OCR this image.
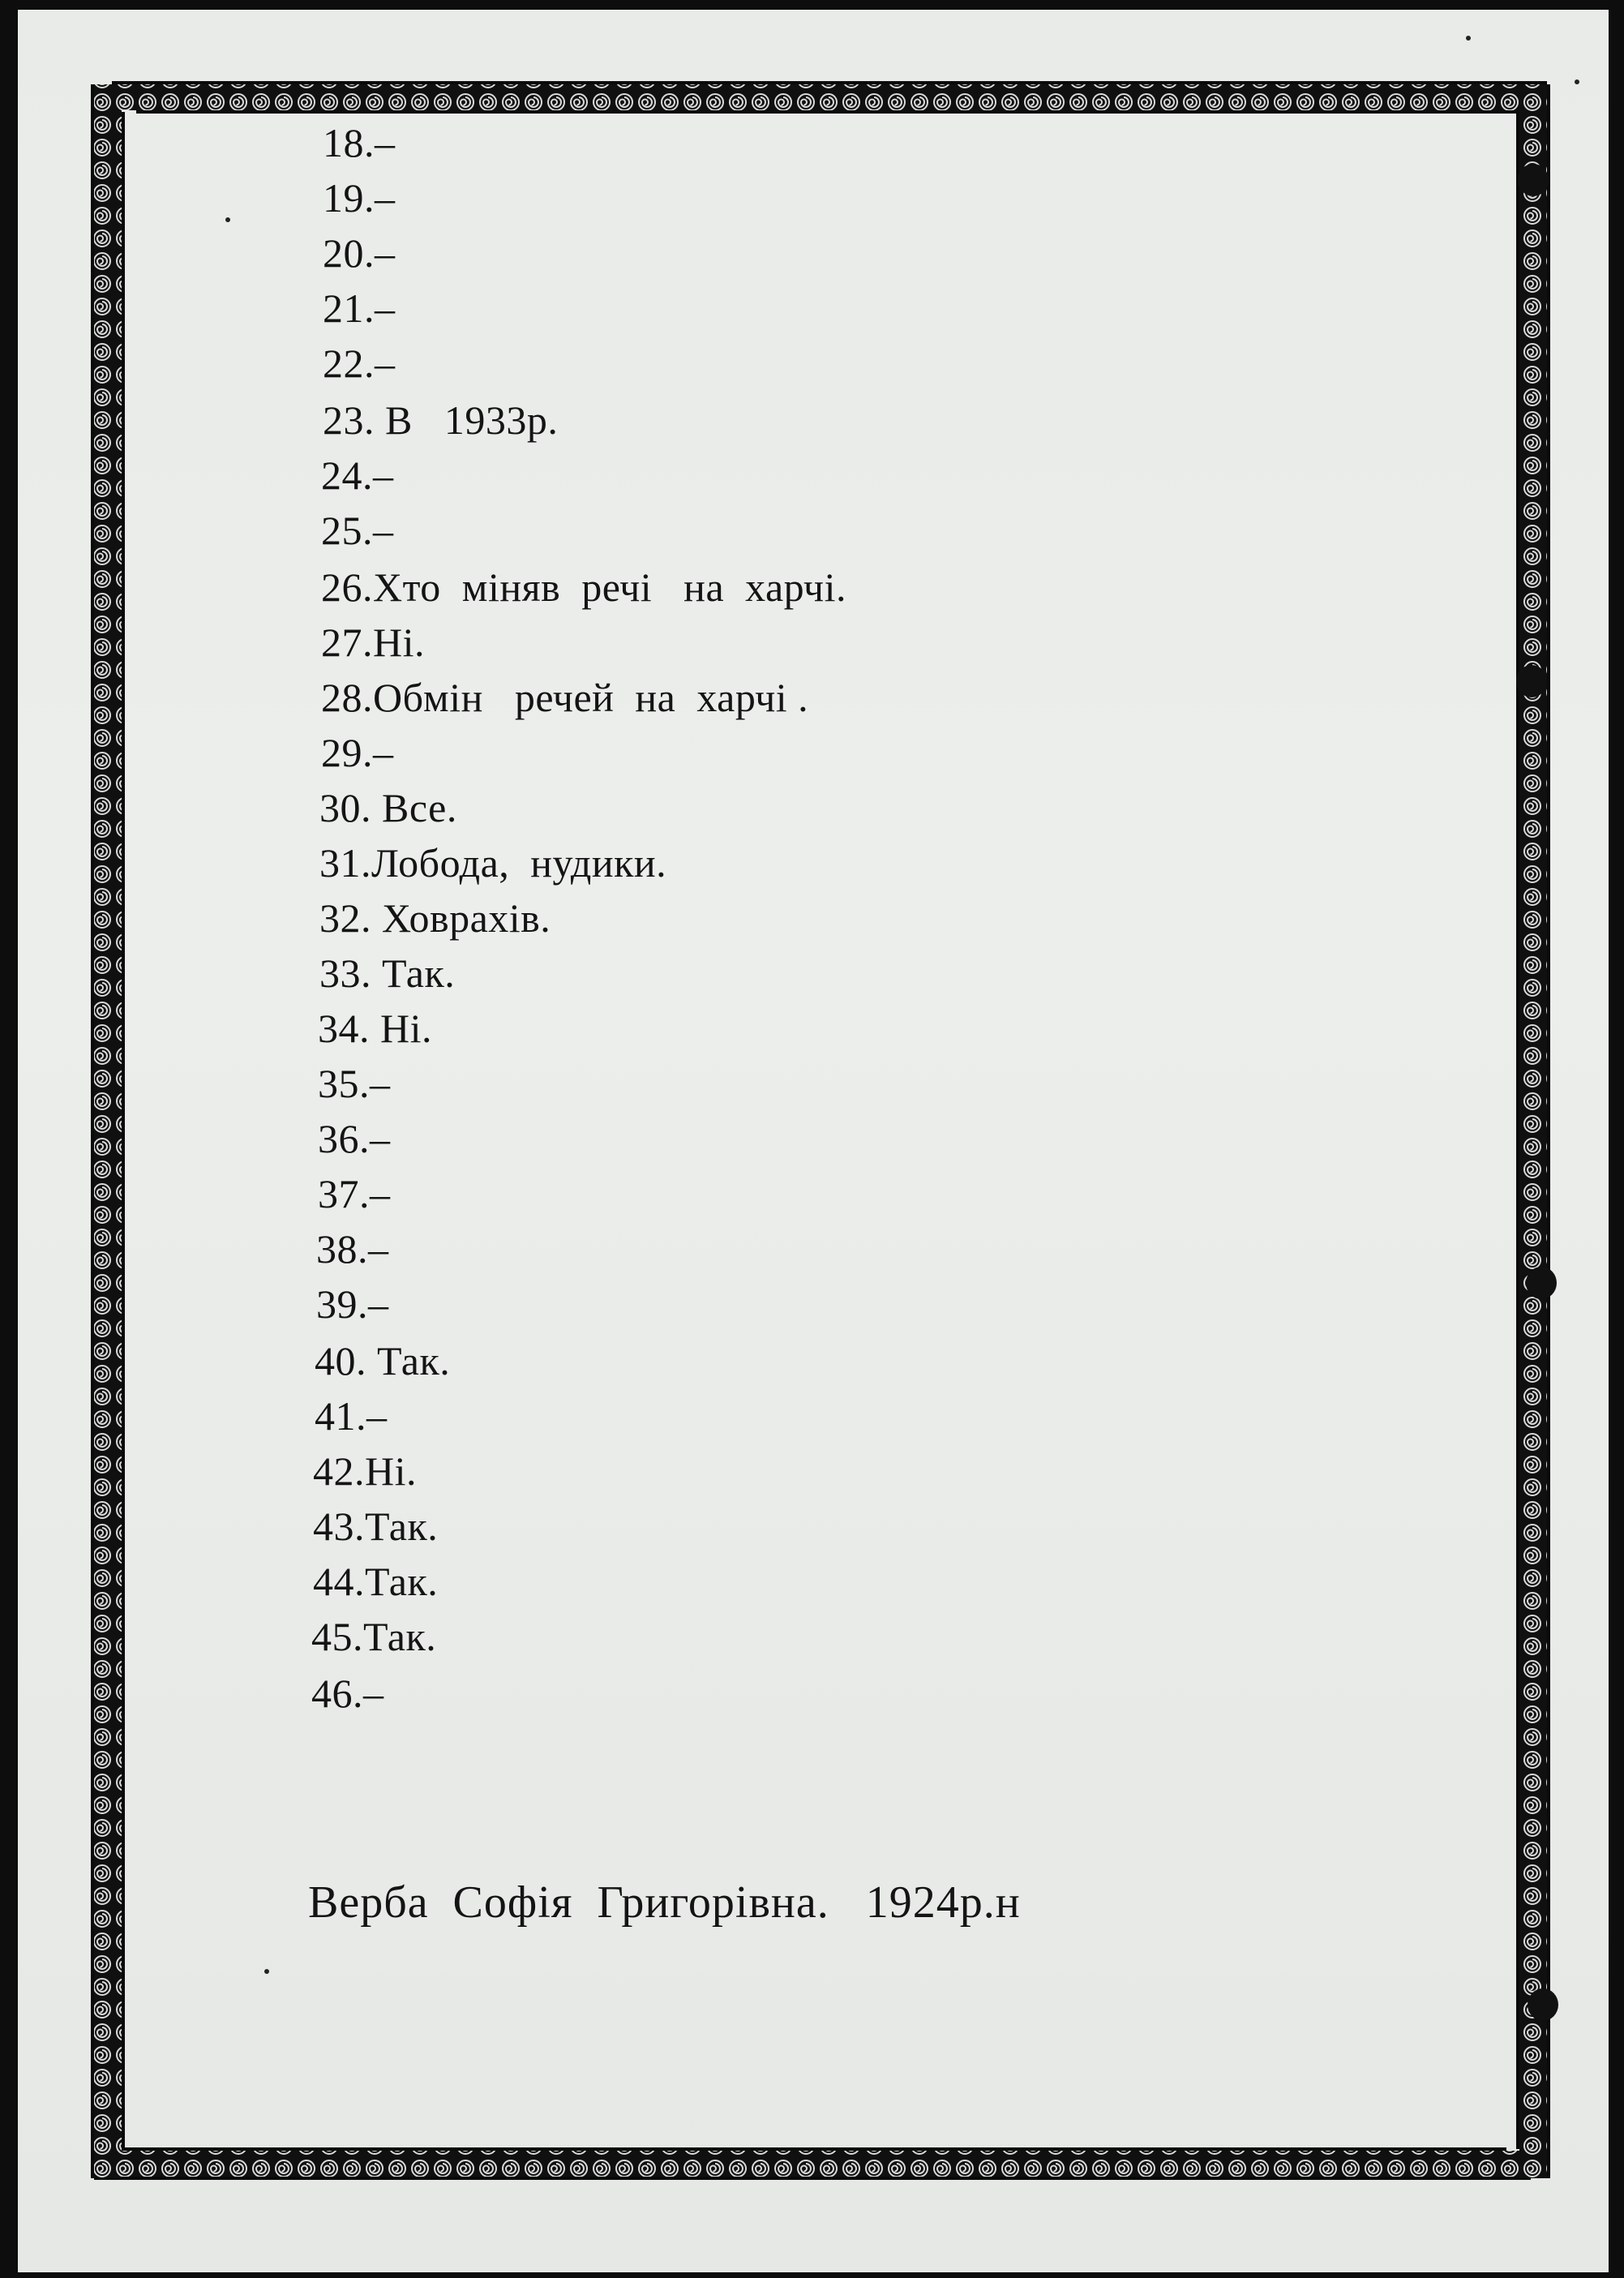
18.–
19.–
20.–
21.–
22.–
23. В   1933р.
24.–
25.–
26.Хто  міняв  речі   на  харчі.
27.Ні.
28.Обмін   речей  на  харчі .
29.–
30. Все.
31.Лобода,  нудики.
32. Ховрахів.
33. Так.
34. Ні.
35.–
36.–
37.–
38.–
39.–
40. Так.
41.–
42.Ні.
43.Так.
44.Так.
45.Так.
46.–
Верба  Софія  Григорівна.   1924р.н
